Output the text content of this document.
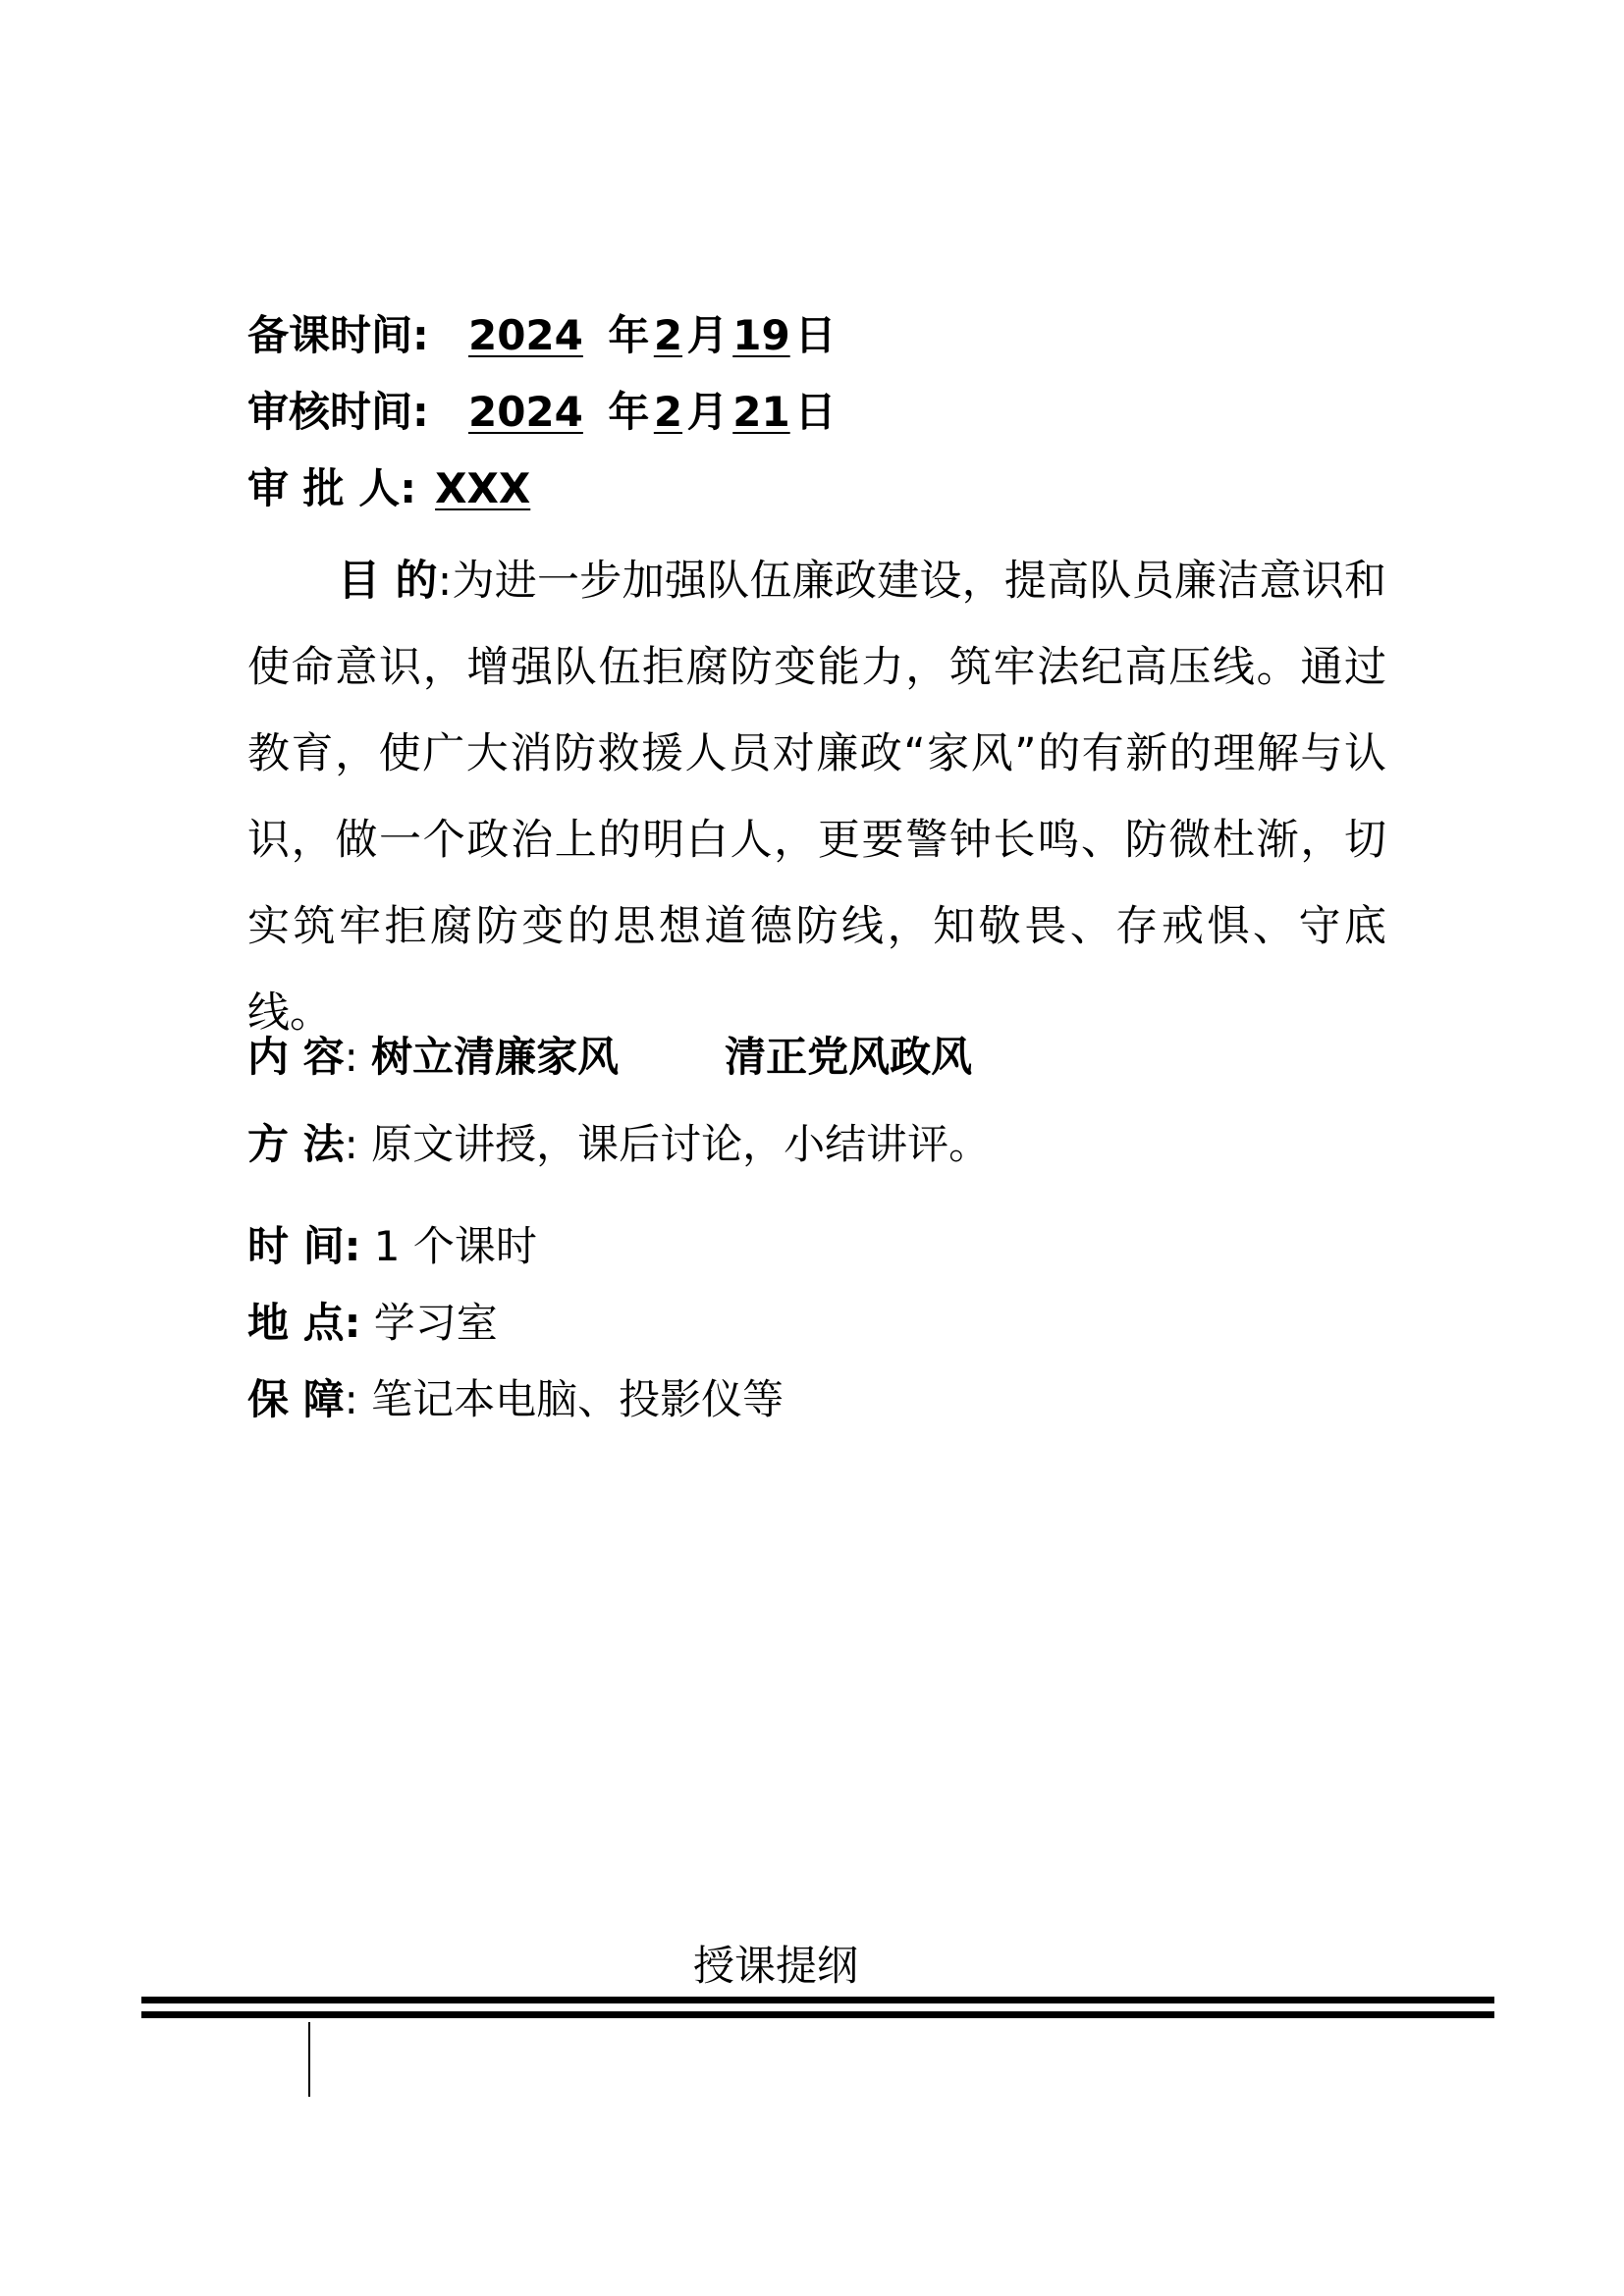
备课时间: 2024 年 2 月 19 日
审核时间: 2024 年 2 月 21 日
审 批 人: XXX
目 的:为进一步加强队伍廉政建设，提高队员廉洁意识和使命意识，增强队伍拒腐防变能力，筑牢法纪高压线。通过教育，使广大消防救援人员对廉政“家风”的有新的理解与认识，做一个政治上的明白人，更要警钟长鸣、防微杜渐，切实筑牢拒腐防变的思想道德防线，知敬畏、存戒惧、守底线。
内 容: 树立清廉家风	清正党风政风
方 法: 原文讲授，课后讨论，小结讲评。
时 间: 1 个课时
地 点: 学习室
保 障: 笔记本电脑、投影仪等
授课提纲
